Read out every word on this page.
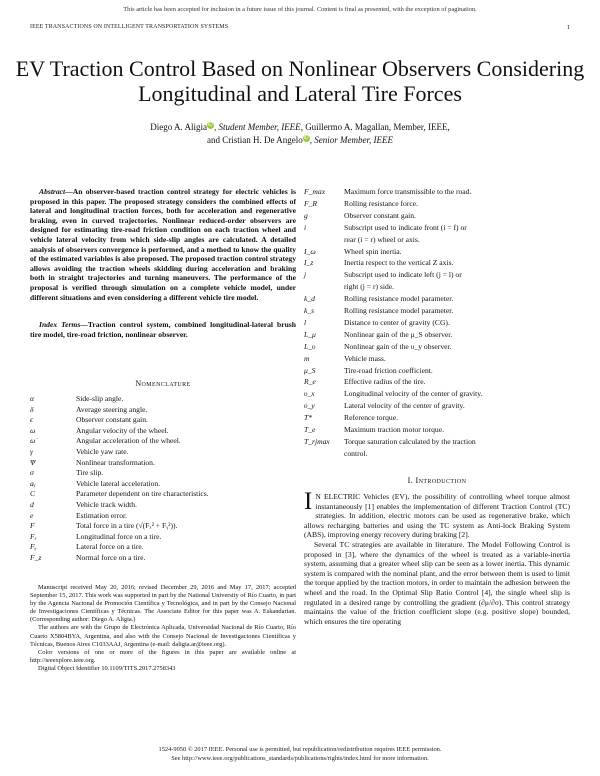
This article has been accepted for inclusion in a future issue of this journal. Content is final as presented, with the exception of pagination.
IEEE TRANSACTIONS ON INTELLIGENT TRANSPORTATION SYSTEMS	1
EV Traction Control Based on Nonlinear Observers Considering Longitudinal and Lateral Tire Forces
Diego A. AligiaiD, Student Member, IEEE, Guillermo A. Magallan, Member, IEEE,
and Cristian H. De AngeloiD, Senior Member, IEEE
Abstract—An observer-based traction control strategy for electric vehicles is proposed in this paper. The proposed strategy considers the combined effects of lateral and longitudinal traction forces, both for acceleration and regenerative braking, even in curved trajectories. Nonlinear reduced-order observers are designed for estimating tire-road friction condition on each traction wheel and vehicle lateral velocity from which side-slip angles are calculated. A detailed analysis of observers convergence is performed, and a method to know the quality of the estimated variables is also proposed. The proposed traction control strategy allows avoiding the traction wheels skidding during acceleration and braking both in straight trajectories and turning maneuvers. The performance of the proposal is verified through simulation on a complete vehicle model, under different situations and even considering a different vehicle tire model.
Index Terms—Traction control system, combined longitudinal-lateral brush tire model, tire-road friction, nonlinear observer.
Nomenclature
α	Side-slip angle.
δ	Average steering angle.
ϵ	Observer constant gain.
ω	Angular velocity of the wheel.
ω̇	Angular acceleration of the wheel.
γ	Vehicle yaw rate.
Ψ	Nonlinear transformation.
σ	Tire slip.
aᵧ	Vehicle lateral acceleration.
C	Parameter dependent on tire characteristics.
d	Vehicle track width.
e	Estimation error.
F	Total force in a tire (√(Fₓ² + Fᵧ²)).
Fₓ	Longitudinal force on a tire.
Fᵧ	Lateral force on a tire.
F_z	Normal force on a tire.

Manuscript received May 20, 2016; revised December 29, 2016 and May 17, 2017; accepted September 15, 2017. This work was supported in part by the National University of Río Cuarto, in part by the Agencia Nacional de Promoción Científica y Tecnológica, and in part by the Consejo Nacional de Investigaciones Científicas y Técnicas. The Associate Editor for this paper was A. Eskandarian. (Corresponding author: Diego A. Aligia.)

The authors are with the Grupo de Electrónica Aplicada, Universidad Nacional de Río Cuarto, Río Cuarto X5804BYA, Argentina, and also with the Consejo Nacional de Investigaciones Científicas y Técnicas, Buenos Aires C1033AAJ, Argentina (e-mail: daligia.ar@ieee.org).

Color versions of one or more of the figures in this paper are available online at http://ieeexplore.ieee.org.

Digital Object Identifier 10.1109/TITS.2017.2758343

F_max Maximum force transmissible to the road.
F_R	Rolling resistance force.
g	Observer constant gain.
i	Subscript used to indicate front (i = f) or
rear (i = r) wheel or axis.
I_ω	Wheel spin inertia.
I_z	Inertia respect to the vertical Z axis.
j	Subscript used to indicate left (j = l) or
right (j = r) side.
k_d	Rolling resistance model parameter.
k_s	Rolling resistance model parameter.
l	Distance to center of gravity (CG).
L_μ	Nonlinear gain of the μ_S observer.
L_υ	Nonlinear gain of the υ_y observer.
m	Vehicle mass.
μ_S	Tire-road friction coefficient.
R_e	Effective radius of the tire.
υ_x	Longitudinal velocity of the center of gravity.
υ_y	Lateral velocity of the center of gravity.
T*	Reference torque.
T_e	Maximum traction motor torque.
T_rjmax Torque saturation calculated by the traction
control.
I. Introduction

I N ELECTRIC Vehicles (EV), the possibility of controlling wheel torque almost instantaneously [1] enables the implementation of different Traction Control (TC) strategies. In addition, electric motors can be used as regenerative brake, which allows recharging batteries and using the TC system as Anti-lock Braking System (ABS), improving energy recovery during braking [2].

Several TC strategies are available in literature. The Model Following Control is proposed in [3], where the dynamics of the wheel is treated as a variable-inertia system, assuming that a greater wheel slip can be seen as a lower inertia. This dynamic system is compared with the nominal plant, and the error between them is used to limit the torque applied by the traction motors, in order to maintain the adhesion between the wheel and the road. In the Optimal Slip Ratio Control [4], the single wheel slip is regulated in a desired range by controlling the gradient (∂μ/∂σ). This control strategy maintains the value of the friction coefficient slope (e.g. positive slope) bounded, which ensures the tire operating

1524-9050 © 2017 IEEE. Personal use is permitted, but republication/redistribution requires IEEE permission.
See http://www.ieee.org/publications_standards/publications/rights/index.html for more information.
